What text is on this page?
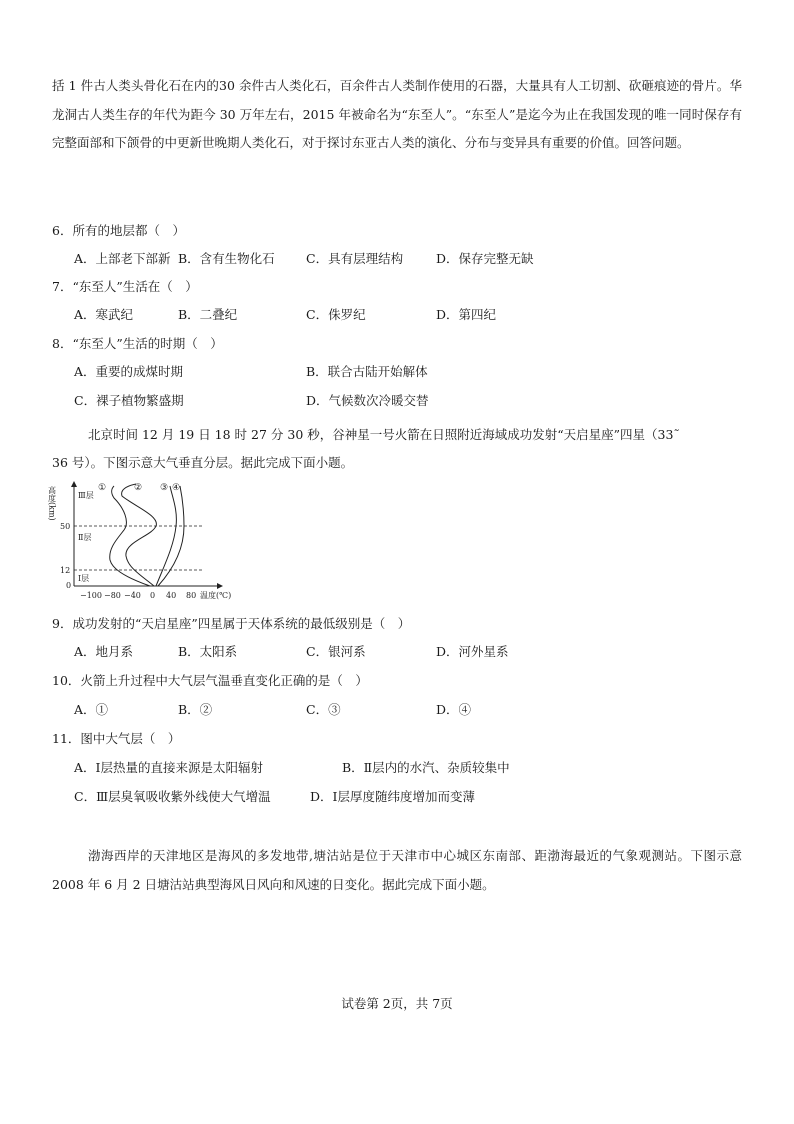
括 1 件古人类头骨化石在内的30 余件古人类化石，百余件古人类制作使用的石器，大量具有人工切割、砍砸痕迹的骨片。华龙洞古人类生存的年代为距今 30 万年左右，2015 年被命名为“东至人”。“东至人”是迄今为止在我国发现的唯一同时保存有完整面部和下颌骨的中更新世晚期人类化石，对于探讨东亚古人类的演化、分布与变异具有重要的价值。回答问题。
6．所有的地层都（　）
A．上部老下部新 B．含有生物化石	C．具有层理结构	D．保存完整无缺
7．“东至人”生活在（　）
A．寒武纪	B．二叠纪	C．侏罗纪	D．第四纪
8．“东至人”生活的时期（　）
A．重要的成煤时期	B．联合古陆开始解体
C．裸子植物繁盛期	D．气候数次冷暖交替
北京时间 12 月 19 日 18 时 27 分 30 秒，谷神星一号火箭在日照附近海域成功发射“天启星座”四星（33˜
36 号）。下图示意大气垂直分层。据此完成下面小题。
高度(km)
50
12
0
Ⅲ层
Ⅱ层
Ⅰ层
①	② ③ ④
−100 −80 −40 0 40 80 温度(℃)
9．成功发射的“天启星座”四星属于天体系统的最低级别是（　）
A．地月系	B．太阳系	C．银河系	D．河外星系
10．火箭上升过程中大气层气温垂直变化正确的是（　）
A．①	B．②	C．③	D．④
11．图中大气层（　）
A．Ⅰ层热量的直接来源是太阳辐射	B．Ⅱ层内的水汽、杂质较集中
C．Ⅲ层臭氧吸收紫外线使大气增温	D．Ⅰ层厚度随纬度增加而变薄
渤海西岸的天津地区是海风的多发地带,塘沽站是位于天津市中心城区东南部、距渤海最近的气象观测站。下图示意 2008 年 6 月 2 日塘沽站典型海风日风向和风速的日变化。据此完成下面小题。
试卷第 2页，共 7页
